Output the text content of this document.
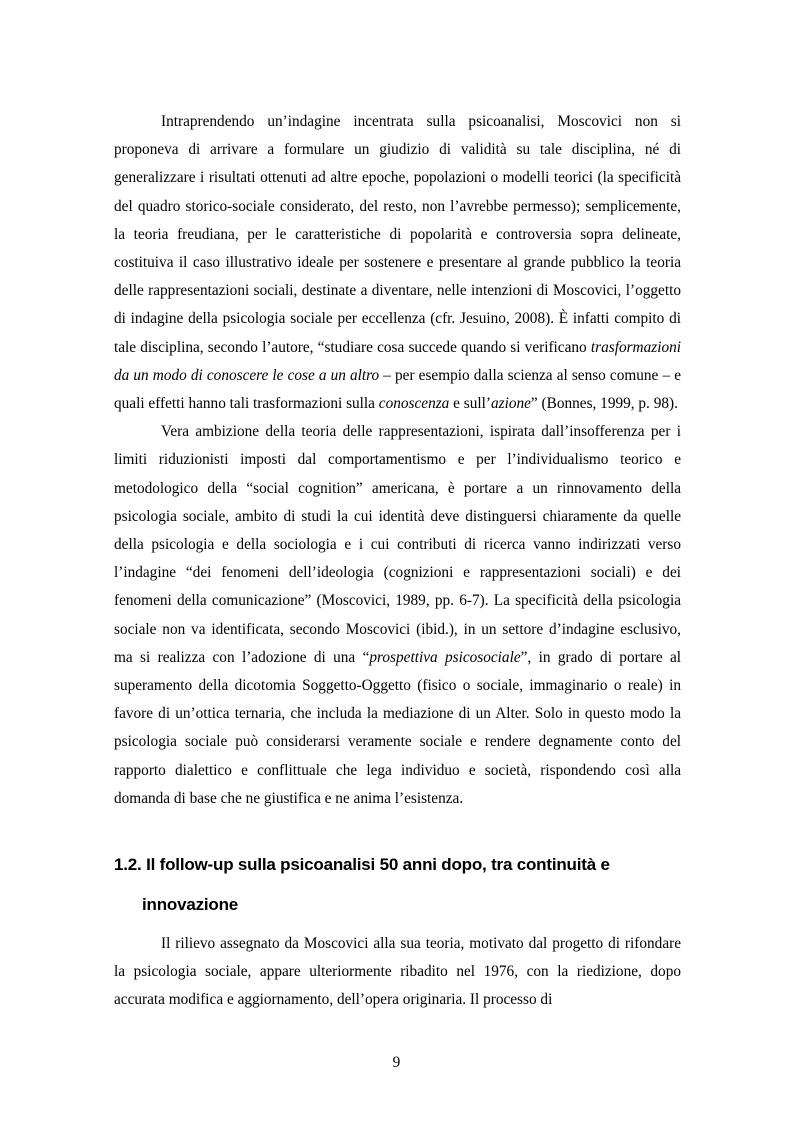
Intraprendendo un’indagine incentrata sulla psicoanalisi, Moscovici non si proponeva di arrivare a formulare un giudizio di validità su tale disciplina, né di generalizzare i risultati ottenuti ad altre epoche, popolazioni o modelli teorici (la specificità del quadro storico-sociale considerato, del resto, non l’avrebbe permesso); semplicemente, la teoria freudiana, per le caratteristiche di popolarità e controversia sopra delineate, costituiva il caso illustrativo ideale per sostenere e presentare al grande pubblico la teoria delle rappresentazioni sociali, destinate a diventare, nelle intenzioni di Moscovici, l’oggetto di indagine della psicologia sociale per eccellenza (cfr. Jesuino, 2008). È infatti compito di tale disciplina, secondo l’autore, “studiare cosa succede quando si verificano trasformazioni da un modo di conoscere le cose a un altro – per esempio dalla scienza al senso comune – e quali effetti hanno tali trasformazioni sulla conoscenza e sull’azione” (Bonnes, 1999, p. 98).

Vera ambizione della teoria delle rappresentazioni, ispirata dall’insofferenza per i limiti riduzionisti imposti dal comportamentismo e per l’individualismo teorico e metodologico della “social cognition” americana, è portare a un rinnovamento della psicologia sociale, ambito di studi la cui identità deve distinguersi chiaramente da quelle della psicologia e della sociologia e i cui contributi di ricerca vanno indirizzati verso l’indagine “dei fenomeni dell’ideologia (cognizioni e rappresentazioni sociali) e dei fenomeni della comunicazione” (Moscovici, 1989, pp. 6-7). La specificità della psicologia sociale non va identificata, secondo Moscovici (ibid.), in un settore d’indagine esclusivo, ma si realizza con l’adozione di una “prospettiva psicosociale”, in grado di portare al superamento della dicotomia Soggetto-Oggetto (fisico o sociale, immaginario o reale) in favore di un’ottica ternaria, che includa la mediazione di un Alter. Solo in questo modo la psicologia sociale può considerarsi veramente sociale e rendere degnamente conto del rapporto dialettico e conflittuale che lega individuo e società, rispondendo così alla domanda di base che ne giustifica e ne anima l’esistenza.

1.2. Il follow-up sulla psicoanalisi 50 anni dopo, tra continuità e innovazione

Il rilievo assegnato da Moscovici alla sua teoria, motivato dal progetto di rifondare la psicologia sociale, appare ulteriormente ribadito nel 1976, con la riedizione, dopo accurata modifica e aggiornamento, dell’opera originaria. Il processo di

9
